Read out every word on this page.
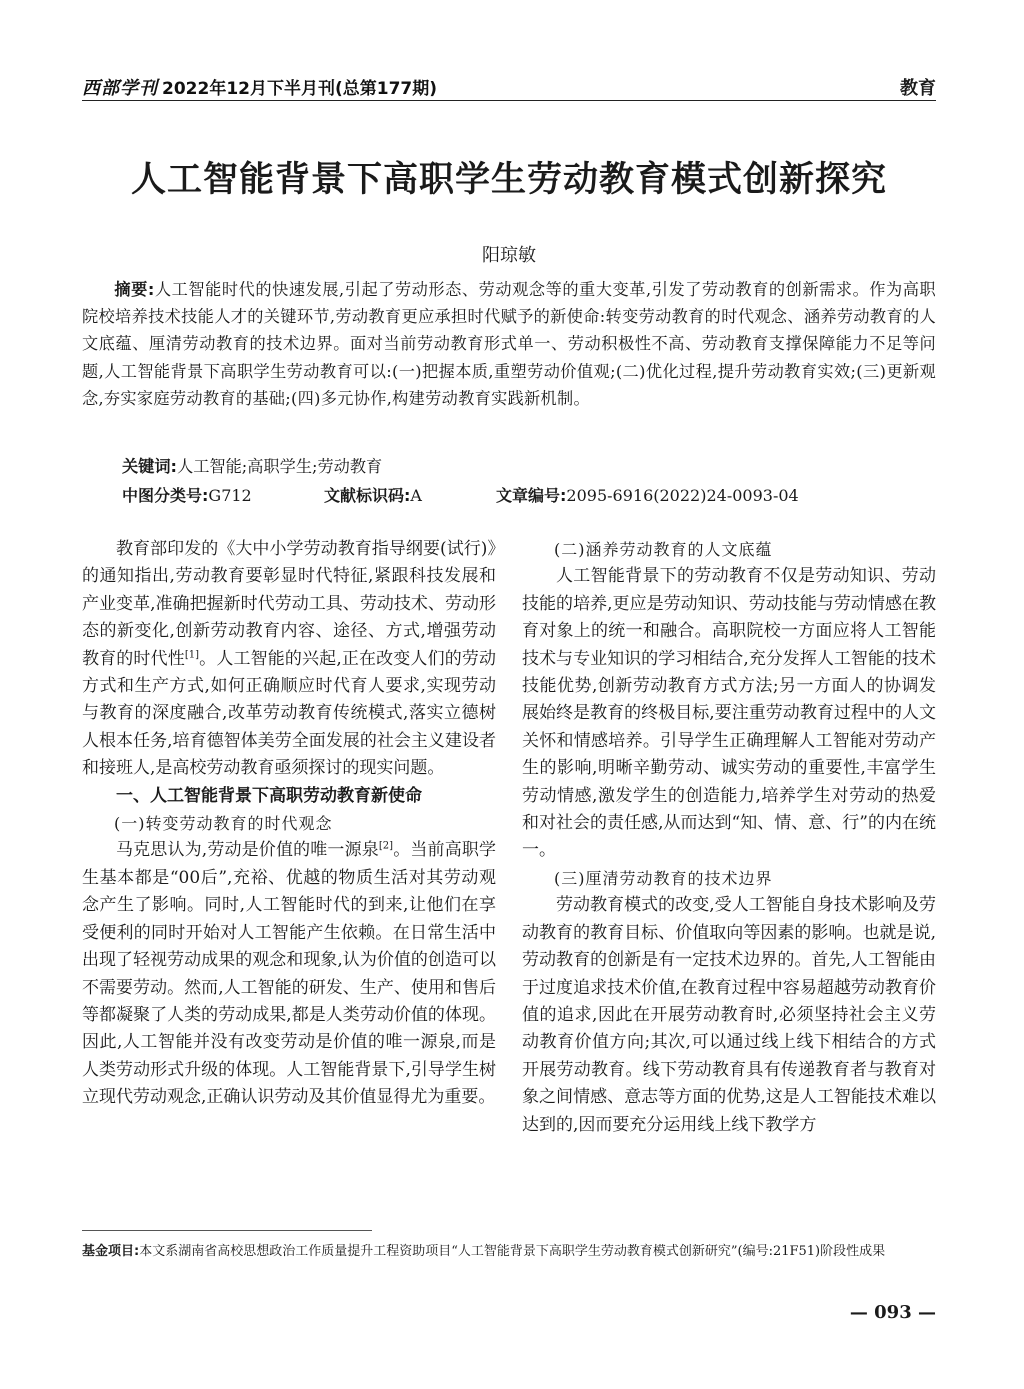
西部学刊 2022年12月下半月刊(总第177期)	教育
人工智能背景下高职学生劳动教育模式创新探究
阳琼敏
摘要:人工智能时代的快速发展,引起了劳动形态、劳动观念等的重大变革,引发了劳动教育的创新需求。作为高职院校培养技术技能人才的关键环节,劳动教育更应承担时代赋予的新使命:转变劳动教育的时代观念、涵养劳动教育的人文底蕴、厘清劳动教育的技术边界。面对当前劳动教育形式单一、劳动积极性不高、劳动教育支撑保障能力不足等问题,人工智能背景下高职学生劳动教育可以:(一)把握本质,重塑劳动价值观;(二)优化过程,提升劳动教育实效;(三)更新观念,夯实家庭劳动教育的基础;(四)多元协作,构建劳动教育实践新机制。
关键词:人工智能;高职学生;劳动教育
中图分类号:G712	文献标识码:A	文章编号:2095-6916(2022)24-0093-04

教育部印发的《大中小学劳动教育指导纲要(试行)》的通知指出,劳动教育要彰显时代特征,紧跟科技发展和产业变革,准确把握新时代劳动工具、劳动技术、劳动形态的新变化,创新劳动教育内容、途径、方式,增强劳动教育的时代性[1]。人工智能的兴起,正在改变人们的劳动方式和生产方式,如何正确顺应时代育人要求,实现劳动与教育的深度融合,改革劳动教育传统模式,落实立德树人根本任务,培育德智体美劳全面发展的社会主义建设者和接班人,是高校劳动教育亟须探讨的现实问题。

一、人工智能背景下高职劳动教育新使命
(一)转变劳动教育的时代观念

马克思认为,劳动是价值的唯一源泉[2]。当前高职学生基本都是“00后”,充裕、优越的物质生活对其劳动观念产生了影响。同时,人工智能时代的到来,让他们在享受便利的同时开始对人工智能产生依赖。在日常生活中出现了轻视劳动成果的观念和现象,认为价值的创造可以不需要劳动。然而,人工智能的研发、生产、使用和售后等都凝聚了人类的劳动成果,都是人类劳动价值的体现。因此,人工智能并没有改变劳动是价值的唯一源泉,而是人类劳动形式升级的体现。人工智能背景下,引导学生树立现代劳动观念,正确认识劳动及其价值显得尤为重要。

(二)涵养劳动教育的人文底蕴

人工智能背景下的劳动教育不仅是劳动知识、劳动技能的培养,更应是劳动知识、劳动技能与劳动情感在教育对象上的统一和融合。高职院校一方面应将人工智能技术与专业知识的学习相结合,充分发挥人工智能的技术技能优势,创新劳动教育方式方法;另一方面人的协调发展始终是教育的终极目标,要注重劳动教育过程中的人文关怀和情感培养。引导学生正确理解人工智能对劳动产生的影响,明晰辛勤劳动、诚实劳动的重要性,丰富学生劳动情感,激发学生的创造能力,培养学生对劳动的热爱和对社会的责任感,从而达到“知、情、意、行”的内在统一。

(三)厘清劳动教育的技术边界

劳动教育模式的改变,受人工智能自身技术影响及劳动教育的教育目标、价值取向等因素的影响。也就是说,劳动教育的创新是有一定技术边界的。首先,人工智能由于过度追求技术价值,在教育过程中容易超越劳动教育价值的追求,因此在开展劳动教育时,必须坚持社会主义劳动教育价值方向;其次,可以通过线上线下相结合的方式开展劳动教育。线下劳动教育具有传递教育者与教育对象之间情感、意志等方面的优势,这是人工智能技术难以达到的,因而要充分运用线上线下教学方

基金项目:本文系湖南省高校思想政治工作质量提升工程资助项目“人工智能背景下高职学生劳动教育模式创新研究”(编号:21F51)阶段性成果
— 093 —
